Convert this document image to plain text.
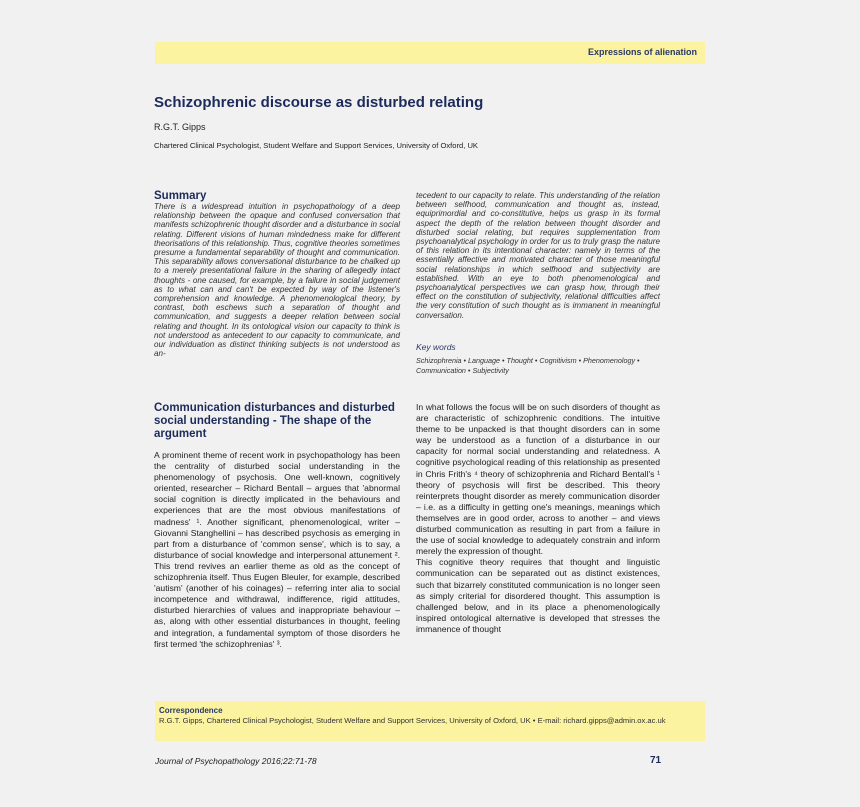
Expressions of alienation
Schizophrenic discourse as disturbed relating
R.G.T. Gipps
Chartered Clinical Psychologist, Student Welfare and Support Services, University of Oxford, UK
Summary
There is a widespread intuition in psychopathology of a deep relationship between the opaque and confused conversation that manifests schizophrenic thought disorder and a disturbance in social relating. Different visions of human mindedness make for different theorisations of this relationship. Thus, cognitive theories sometimes presume a fundamental separability of thought and communication. This separability allows conversational disturbance to be chalked up to a merely presentational failure in the sharing of allegedly intact thoughts - one caused, for example, by a failure in social judgement as to what can and can't be expected by way of the listener's comprehension and knowledge. A phenomenological theory, by contrast, both eschews such a separation of thought and communication, and suggests a deeper relation between social relating and thought. In its ontological vision our capacity to think is not understood as antecedent to our capacity to communicate, and our individuation as distinct thinking subjects is not understood as an-
tecedent to our capacity to relate. This understanding of the relation between selfhood, communication and thought as, instead, equiprimordial and co-constitutive, helps us grasp in its formal aspect the depth of the relation between thought disorder and disturbed social relating, but requires supplementation from psychoanalytical psychology in order for us to truly grasp the nature of this relation in its intentional character: namely in terms of the essentially affective and motivated character of those meaningful social relationships in which selfhood and subjectivity are established. With an eye to both phenomenological and psychoanalytical perspectives we can grasp how, through their effect on the constitution of subjectivity, relational difficulties affect the very constitution of such thought as is immanent in meaningful conversation.
Key words
Schizophrenia • Language • Thought • Cognitivism • Phenomenology • Communication • Subjectivity
Communication disturbances and disturbed social understanding - The shape of the argument
A prominent theme of recent work in psychopathology has been the centrality of disturbed social understanding in the phenomenology of psychosis. One well-known, cognitively oriented, researcher – Richard Bentall – argues that 'abnormal social cognition is directly implicated in the behaviours and experiences that are the most obvious manifestations of madness' ¹. Another significant, phenomenological, writer – Giovanni Stanghellini – has described psychosis as emerging in part from a disturbance of 'common sense', which is to say, a disturbance of social knowledge and interpersonal attunement ². This trend revives an earlier theme as old as the concept of schizophrenia itself. Thus Eugen Bleuler, for example, described 'autism' (another of his coinages) – referring inter alia to social incompetence and withdrawal, indifference, rigid attitudes, disturbed hierarchies of values and inappropriate behaviour – as, along with other essential disturbances in thought, feeling and integration, a fundamental symptom of those disorders he first termed 'the schizophrenias' ³.

In what follows the focus will be on such disorders of thought as are characteristic of schizophrenic conditions. The intuitive theme to be unpacked is that thought disorders can in some way be understood as a function of a disturbance in our capacity for normal social understanding and relatedness. A cognitive psychological reading of this relationship as presented in Chris Frith's ⁴ theory of schizophrenia and Richard Bentall's ¹ theory of psychosis will first be described. This theory reinterprets thought disorder as merely communication disorder – i.e. as a difficulty in getting one's meanings, meanings which themselves are in good order, across to another – and views disturbed communication as resulting in part from a failure in the use of social knowledge to adequately constrain and inform merely the expression of thought.

This cognitive theory requires that thought and linguistic communication can be separated out as distinct existences, such that bizarrely constituted communication is no longer seen as simply criterial for disordered thought. This assumption is challenged below, and in its place a phenomenologically inspired ontological alternative is developed that stresses the immanence of thought

Correspondence
R.G.T. Gipps, Chartered Clinical Psychologist, Student Welfare and Support Services, University of Oxford, UK • E-mail: richard.gipps@admin.ox.ac.uk
Journal of Psychopathology 2016;22:71-78	71
